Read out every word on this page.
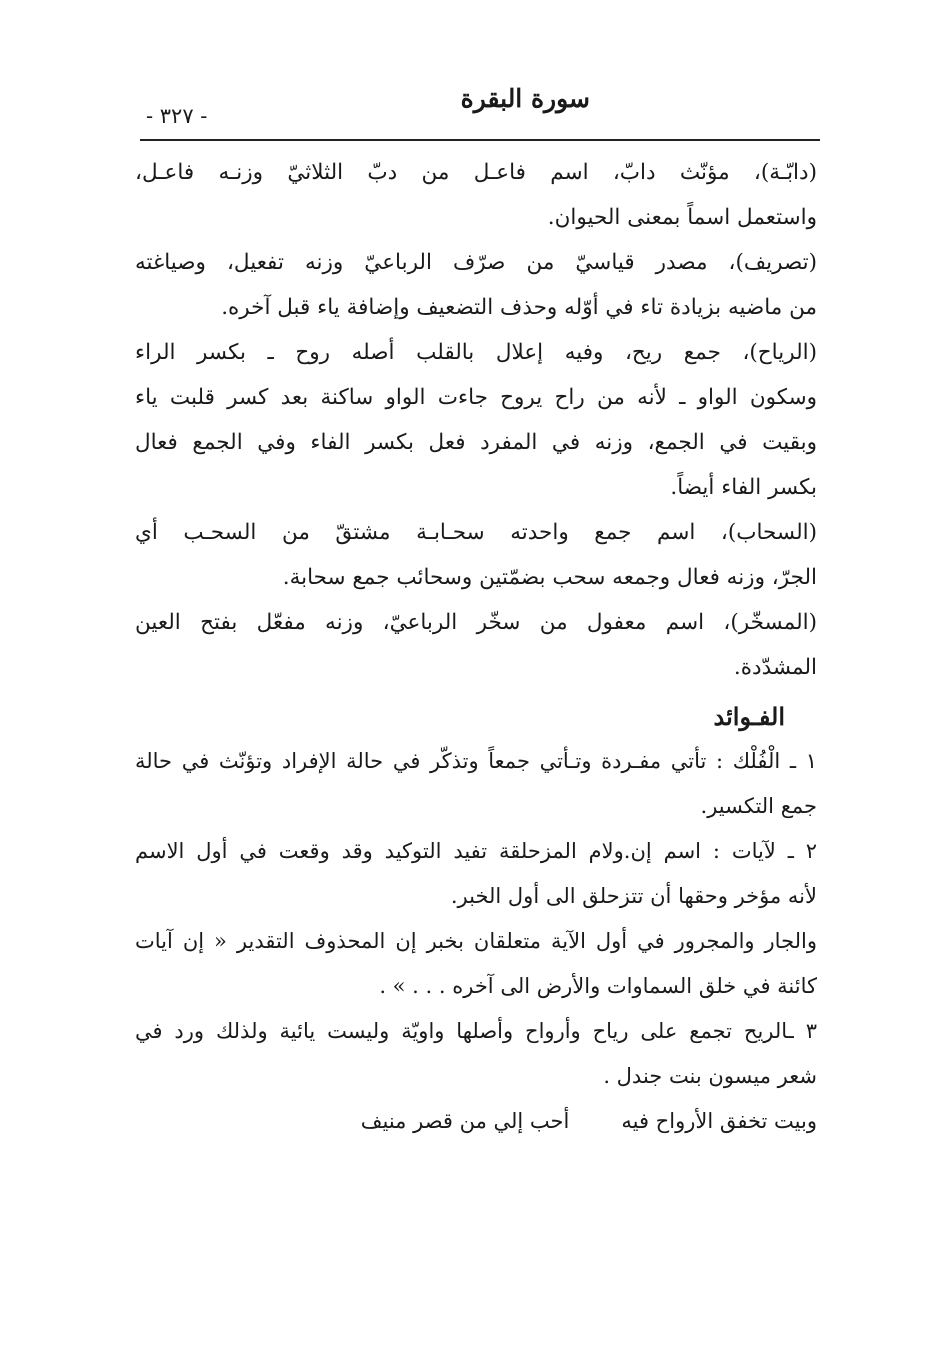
سورة البقرة
- ٣٢٧ -
(دابّـة)، مؤنّث دابّ، اسم فاعـل من دبّ الثلاثيّ وزنـه فاعـل،
واستعمل اسماً بمعنى الحيوان.
(تصريف)، مصدر قياسيّ من صرّف الرباعيّ وزنه تفعيل، وصياغته
من ماضيه بزيادة تاء في أوّله وحذف التضعيف وإضافة ياء قبل آخره.
(الرياح)، جمع ريح، وفيه إعلال بالقلب أصله روح ـ بكسر الراء
وسكون الواو ـ لأنه من راح يروح جاءت الواو ساكنة بعد كسر قلبت ياء
وبقيت في الجمع، وزنه في المفرد فعل بكسر الفاء وفي الجمع فعال
بكسر الفاء أيضاً.
(السحاب)، اسم جمع واحدته سحـابـة مشتقّ من السحـب أي
الجرّ، وزنه فعال وجمعه سحب بضمّتين وسحائب جمع سحابة.
(المسخّر)، اسم معفول من سخّر الرباعيّ، وزنه مفعّل بفتح العين
المشدّدة.
الفـوائد
١ ـ الْفُلْك : تأتي مفـردة وتـأتي جمعاً وتذكّر في حالة الإفراد وتؤنّث في حالة
جمع التكسير.
٢ ـ لآيات : اسم إن.ولام المزحلقة تفيد التوكيد وقد وقعت في أول الاسم
لأنه مؤخر وحقها أن تتزحلق الى أول الخبر.
والجار والمجرور في أول الآية متعلقان بخبر إن المحذوف التقدير « إن آيات
كائنة في خلق السماوات والأرض الى آخره . . . » .
٣ ـالريح تجمع على رياح وأرواح وأصلها واويّة وليست يائية ولذلك ورد في
شعر ميسون بنت جندل .
وبيت تخفق الأرواح فيه
أحب إلي من قصر منيف
